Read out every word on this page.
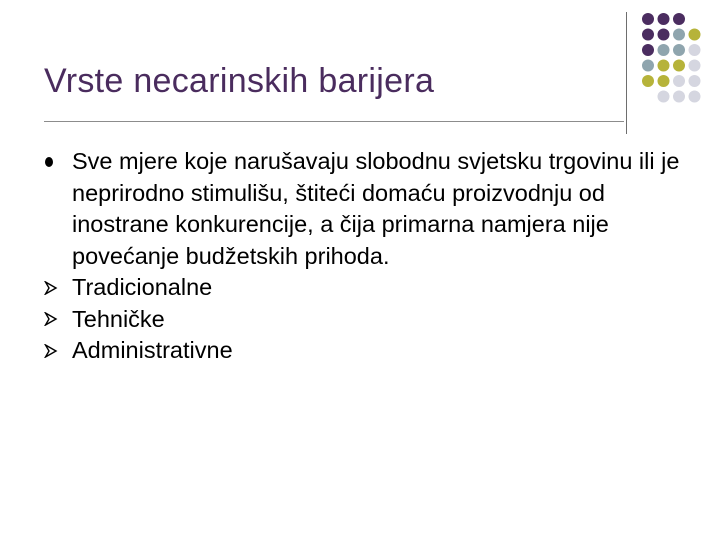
Vrste necarinskih barijera
Sve mjere koje narušavaju slobodnu svjetsku trgovinu ili je neprirodno stimulišu, štiteći domaću proizvodnju od inostrane konkurencije, a čija primarna namjera nije povećanje budžetskih prihoda.
Tradicionalne
Tehničke
Administrativne
